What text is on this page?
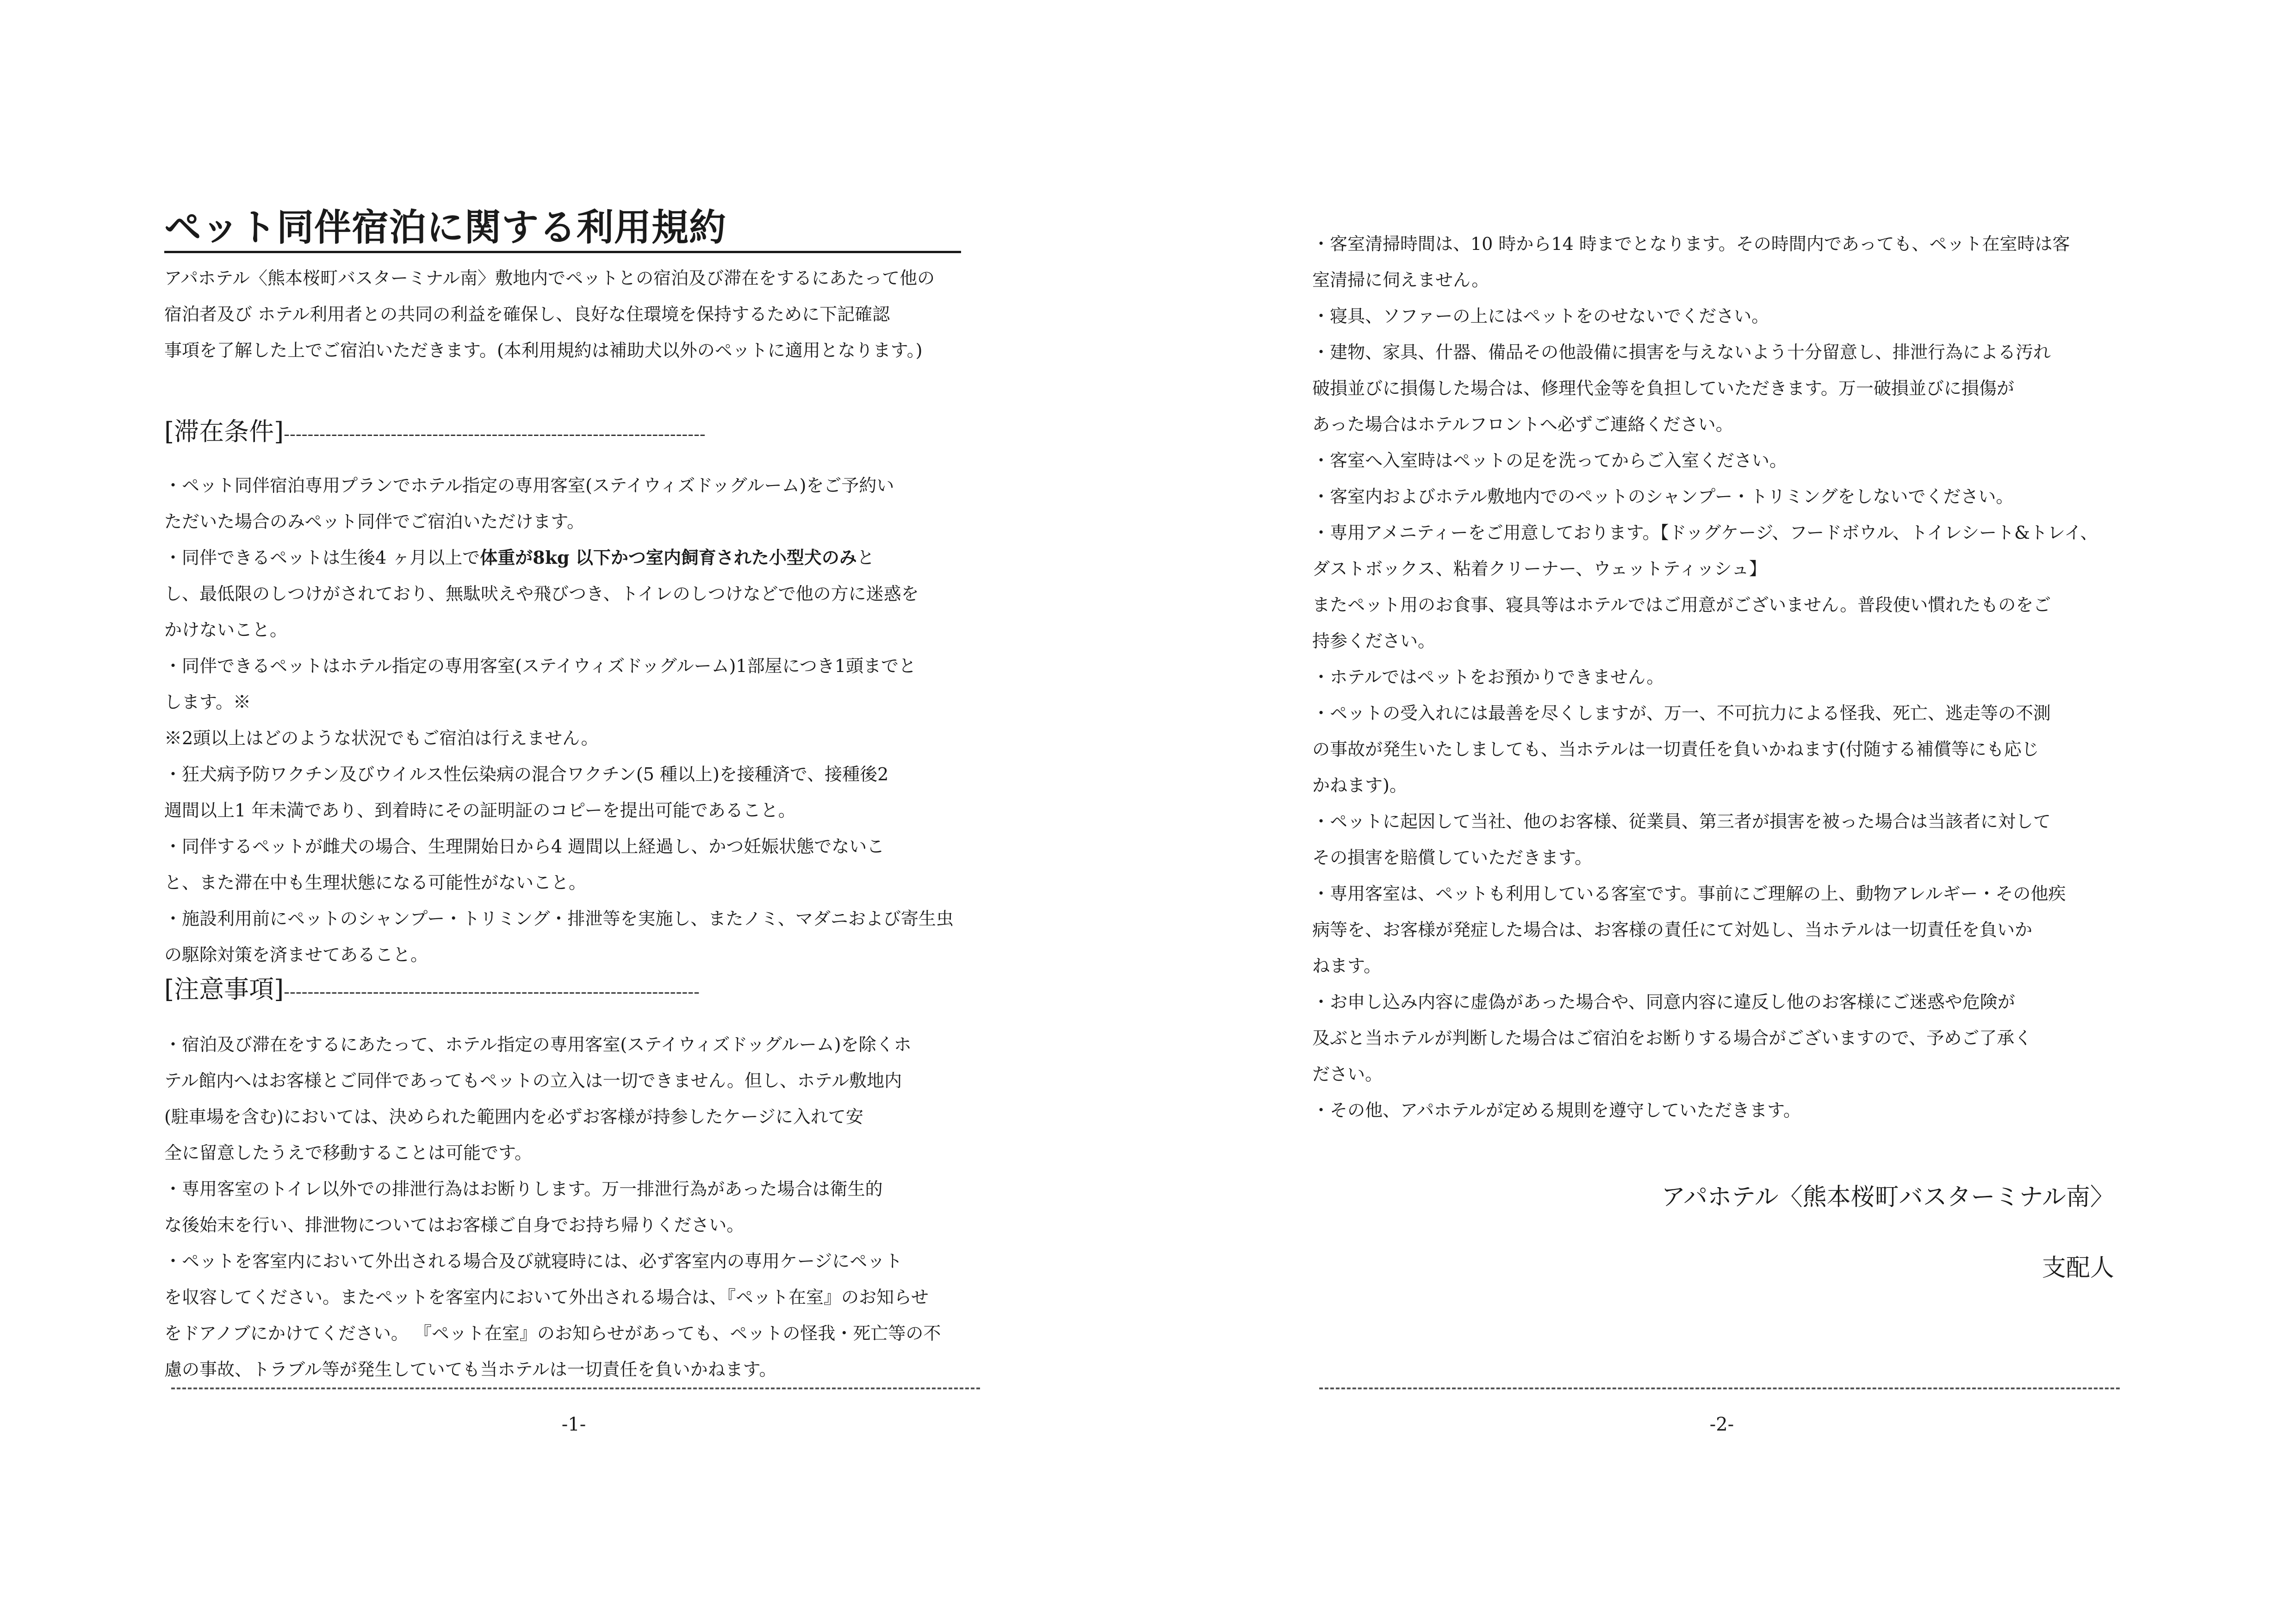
ペット同伴宿泊に関する利用規約

アパホテル〈熊本桜町バスターミナル南〉敷地内でペットとの宿泊及び滞在をするにあたって他の

宿泊者及び ホテル利用者との共同の利益を確保し、良好な住環境を保持するために下記確認

事項を了解した上でご宿泊いただきます。(本利用規約は補助犬以外のペットに適用となります。)

[滞在条件]-----------------------------------------------------------------------

・ペット同伴宿泊専用プランでホテル指定の専用客室(ステイウィズドッグルーム)をご予約い

ただいた場合のみペット同伴でご宿泊いただけます。

・同伴できるペットは生後4 ヶ月以上で体重が8kg 以下かつ室内飼育された小型犬のみと

し、最低限のしつけがされており、無駄吠えや飛びつき、トイレのしつけなどで他の方に迷惑を

かけないこと。

・同伴できるペットはホテル指定の専用客室(ステイウィズドッグルーム)1部屋につき1頭までと

します。※

※2頭以上はどのような状況でもご宿泊は行えません。

・狂犬病予防ワクチン及びウイルス性伝染病の混合ワクチン(5 種以上)を接種済で、接種後2

週間以上1 年未満であり、到着時にその証明証のコピーを提出可能であること。

・同伴するペットが雌犬の場合、生理開始日から4 週間以上経過し、かつ妊娠状態でないこ

と、また滞在中も生理状態になる可能性がないこと。

・施設利用前にペットのシャンプー・トリミング・排泄等を実施し、またノミ、マダニおよび寄生虫

の駆除対策を済ませてあること。

[注意事項]----------------------------------------------------------------------

・宿泊及び滞在をするにあたって、ホテル指定の専用客室(ステイウィズドッグルーム)を除くホ

テル館内へはお客様とご同伴であってもペットの立入は一切できません。但し、ホテル敷地内

(駐車場を含む)においては、決められた範囲内を必ずお客様が持参したケージに入れて安

全に留意したうえで移動することは可能です。

・専用客室のトイレ以外での排泄行為はお断りします。万一排泄行為があった場合は衛生的

な後始末を行い、排泄物についてはお客様ご自身でお持ち帰りください。

・ペットを客室内において外出される場合及び就寝時には、必ず客室内の専用ケージにペット

を収容してください。またペットを客室内において外出される場合は、『ペット在室』のお知らせ

をドアノブにかけてください。 『ペット在室』のお知らせがあっても、ペットの怪我・死亡等の不

慮の事故、トラブル等が発生していても当ホテルは一切責任を負いかねます。

-1-

・客室清掃時間は、10 時から14 時までとなります。その時間内であっても、ペット在室時は客

室清掃に伺えません。

・寝具、ソファーの上にはペットをのせないでください。

・建物、家具、什器、備品その他設備に損害を与えないよう十分留意し、排泄行為による汚れ

破損並びに損傷した場合は、修理代金等を負担していただきます。万一破損並びに損傷が

あった場合はホテルフロントへ必ずご連絡ください。

・客室へ入室時はペットの足を洗ってからご入室ください。

・客室内およびホテル敷地内でのペットのシャンプー・トリミングをしないでください。

・専用アメニティーをご用意しております。【ドッグケージ、フードボウル、トイレシート&トレイ、

ダストボックス、粘着クリーナー、ウェットティッシュ】

またペット用のお食事、寝具等はホテルではご用意がございません。普段使い慣れたものをご

持参ください。

・ホテルではペットをお預かりできません。

・ペットの受入れには最善を尽くしますが、万一、不可抗力による怪我、死亡、逃走等の不測

の事故が発生いたしましても、当ホテルは一切責任を負いかねます(付随する補償等にも応じ

かねます)。

・ペットに起因して当社、他のお客様、従業員、第三者が損害を被った場合は当該者に対して

その損害を賠償していただきます。

・専用客室は、ペットも利用している客室です。事前にご理解の上、動物アレルギー・その他疾

病等を、お客様が発症した場合は、お客様の責任にて対処し、当ホテルは一切責任を負いか

ねます。

・お申し込み内容に虚偽があった場合や、同意内容に違反し他のお客様にご迷惑や危険が

及ぶと当ホテルが判断した場合はご宿泊をお断りする場合がございますので、予めご了承く

ださい。

・その他、アパホテルが定める規則を遵守していただきます。

アパホテル〈熊本桜町バスターミナル南〉
支配人
-2-
